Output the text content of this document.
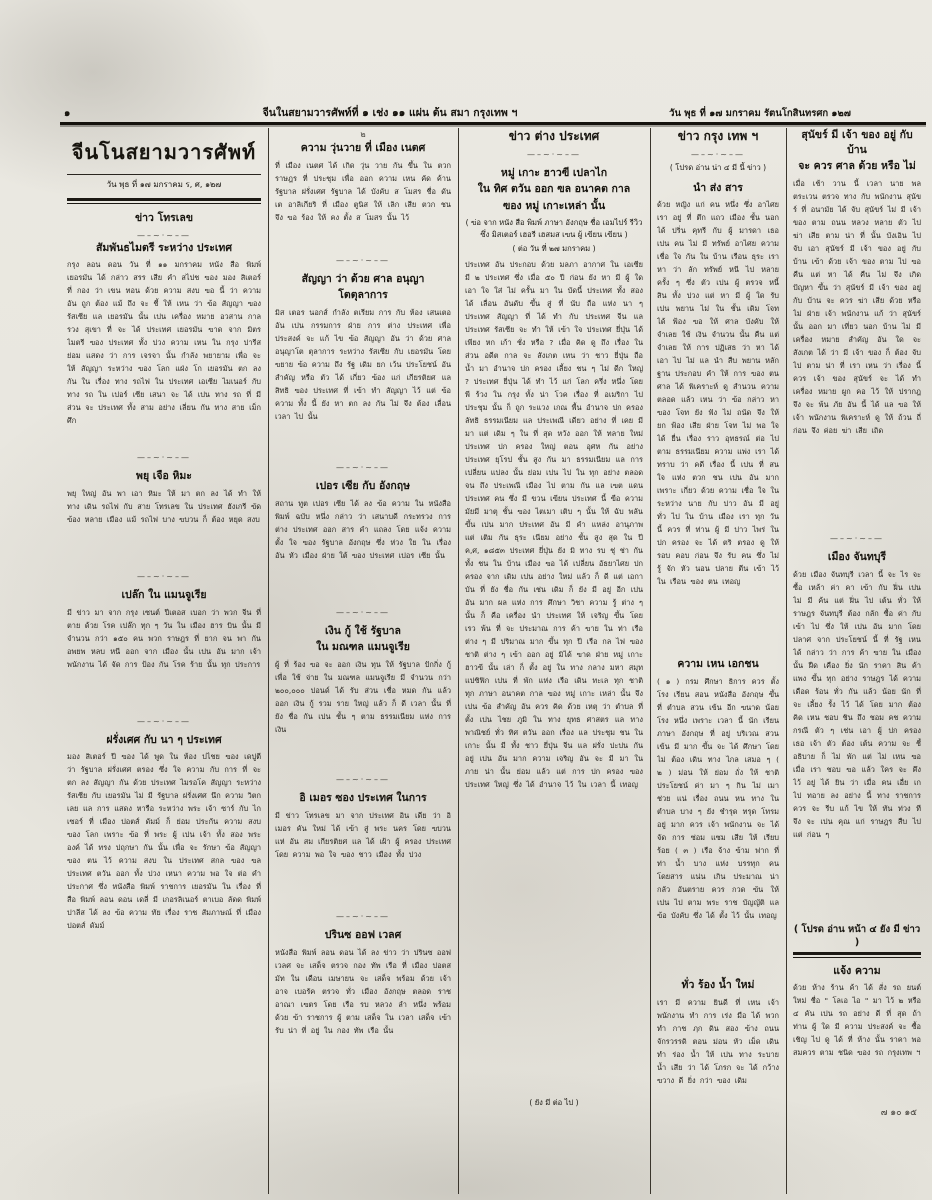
๑	จีนในสยามวารศัพท์ที่ ๑ เช่ง ๑๑ แผ่น ต้น สมา กรุงเทพ ฯ	วัน พุธ ที่ ๑๗ มกราคม รัตนโกสินทรศก ๑๒๗
จีนโนสยามวารศัพท์
วัน พุธ ที่ ๑๗ มกราคม ร, ศ, ๑๒๗
ข่าว โทรเลข
—–~·~–—
สัมพันธไมตรี ระหว่าง ประเทศ
กรุง ลอน ดอน วัน ที่ ๑๑ มกราคม หนัง สือ พิมพ์ เยอรมัน ได้ กล่าว สรร เสีย คำ สไปช ฃอง มอง สิเตอร์ ที่ กอง ว่า เขน ทอน ด้วย ความ สงบ ฃอ นี้ ว่า ความ อัน ถูก ต้อง แม้ ถึง จะ ชี้ ให้ เหน ว่า ฃ้อ สัญญา ฃอง รัสเซีย แล เยอรมัน นั้น เปน เครื่อง หมาย อวสาน กาล รวง สุเขา ที่ จะ ได้ ประเทศ เยอรมัน ฃาด จาก มิตร ไมตรี ฃอง ประเทศ ทั้ง ปวง ความ เหน ใน กรุง ปารีส ย่อม แสดง ว่า การ เจรจา นั้น กำลัง พยายาม เพื่อ จะ ให้ สัญญา ระหว่าง ฃอง โลก แฝ่ง โก เยอรมัน ตก ลง กัน ใน เรื่อง ทาง รถไฟ ใน ประเทศ เอเซีย ไมเนอร์ กับ ทาง รถ ใน เปอร์ เซีย เสนา จะ ได้ เปน ทาง รถ ที่ มี ส่วน จะ ประเทศ ทั้ง สาม อย่าง เลี่ยน กัน ทาง สาย เม็ก ศึก
—–~·~–—
พยุ เจือ หิมะ
พยุ ใหญ่ อัน พา เอา หิมะ ให้ มา ตก ลง ได้ ทำ ให้ ทาง เดิน รถไฟ กับ สาย โทรเลข ใน ประเทศ ฮังเกรี ฃัด ฃ้อง หลาย เมือง แม้ รถไฟ บาง ฃบวน ก็ ต้อง หยุด สงบ
—–~·~–—
เปล๊ก ใน แมนจูเรีย
มี ข่าว มา จาก กรุง เซนต์ ปีเตอส เบอก ว่า พวก จีน ที่ ตาย ด้วย โรค เปล๊ก ทุก ๆ วัน ใน เมือง ฮาร บิน นั้น มี จำนวน กว่า ๑๕๐ คน พวก ราษฎร ที่ ยาก จน พา กัน อพยพ หลบ หนี ออก จาก เมือง นั้น เปน อัน มาก เจ้า พนักงาน ได้ จัด การ ป้อง กัน โรค ร้าย นั้น ทุก ประการ
—–~·~–—
ฝรั่งเศศ กับ นา ๆ ประเทศ
มอง สิเตอร์ ปี ฃอง ได้ พูด ใน ห้อง ปไชย ฃอง เดปูตี ว่า รัฐบาล ฝรั่งเศศ ตรอง ซึ่ง ใจ ความ กับ การ ที่ จะ ตก ลง สัญญา กัน ด้วย ประเทศ ไมรอโค สัญญา ระหว่าง รัสเซีย กับ เยอรมัน ไม่ มี รัฐบาล ฝรั่งเศศ นึก ความ วิตก เลย แล การ แสดง หารือ ระหว่าง พระ เจ้า ซาร์ กับ ไกเซอร์ ที่ เมือง ปอตส์ ดัมม์ ก็ ย่อม ประกัน ความ สงบ ฃอง โลก เพราะ ฃ้อ ที่ พระ ผู้ เปน เจ้า ทั้ง สอง พระ องค์ ได้ ทรง ปฤกษา กัน นั้น เพื่อ จะ รักษา ฃ้อ สัญญา ฃอง ตน ไว้ ความ สงบ ใน ประเทศ สกล ฃอง ฃล ประเทศ ตวัน ออก ทั้ง ปวง เหนา ความ พอ ใจ ต่อ คำ ประกาศ ซึ่ง หนังสือ พิมพ์ ราชการ เยอรมัน ใน เรื่อง ที่ สือ พิมพ์ ลอน ดอน เดลี่ มี เกอรลิเนอร์ ตาเบอ ลัดด พิมพ์ ปาลีส ได้ ลง ฃ้อ ความ ทัย เรื่อง ราช สัมภาษณ์ ที่ เมือง ปอตส์ ดัมม์
๒
ความ วุ่นวาย ที่ เมือง เนตศ
ที่ เมือง เนตศ ได้ เกิด วุ่น วาย กัน ขึ้น ใน ตวก ราษฎร ที่ ประชุม เพื่อ ออก ความ เหน คัด ค้าน รัฐบาล ฝรั่งเศศ รัฐบาล ได้ บังคับ ส โมสร ชื่อ ดันเต อาลิเกียริ ที่ เมือง ตูนิส ให้ เลิก เสีย ตวก ชน จึง ฃอ ร้อง ให้ คง ตั้ง ส โมสร นั้น ไว้
—–~·~–—
สัญญา ว่า ด้วย ศาล อนุญา
โตตุลาการ
มิส เตอร นอกส์ กำลัง ตเรียม การ กับ ห้อง เสนเตอ อัน เปน กรรมการ ฝ่าย การ ต่าง ประเทศ เพื่อ ประสงค์ จะ แก้ ไข ฃ้อ สัญญา อัน ว่า ด้วย ศาล อนุญาโต ตุลาการ ระหว่าง รัสเซีย กับ เยอรมัน โดย ฃยาย ฃ้อ ความ ถึง รัฐ เดิม ยก เว้น ประโยชน์ อัน สำคัญ หรือ ตัว ได้ เกี่ยว ฃ้อง แก่ เกียรติยศ แล สิทธิ ฃอง ประเทศ ที่ เฃ้า ทำ สัญญา ไว้ แต่ ฃ้อ ความ ทั้ง นี้ ยัง หา ตก ลง กัน ไม่ จึง ต้อง เลื่อน เวลา ไป นั้น
—–~·~–—
เปอร เซีย กับ อังกฤษ
สถาน ทูต เปอร เซีย ได้ ลง ฃ้อ ความ ใน หนังสือ พิมพ์ ฉบับ หนึ่ง กล่าว ว่า เสนาบดี กระทรวง การ ต่าง ประเทศ ออก สาร คำ แถลง โดย แจ้ง ความ ตั้ง ใจ ฃอง รัฐบาล อังกฤษ ซึ่ง ห่วง ใย ใน เรื่อง อัน หัว เมือง ฝ่าย ใต้ ฃอง ประเทศ เปอร เซีย นั้น
—–~·~–—
เงิน กู้ ใช้ รัฐบาล
ใน มณฑล แมนจูเรีย
ผู้ ที่ ร้อง ฃอ จะ ออก เงิน ทุน ให้ รัฐบาล ปักกิ่ง กู้ เพื่อ ใช้ จ่าย ใน มณฑล แมนจูเรีย มี จำนวน กว่า ๒๐๐,๐๐๐ ปอนด์ ได้ รับ ส่วน เชื่อ หมด กัน แล้ว ออก เงิน กู้ รวม ราย ใหญ่ แล้ว ก็ ดี เวลา นั้น ที่ ยัง ชื่อ กัน เปน ชั้น ๆ ตาม ธรรมเนียม แห่ง การ เงิน
—–~·~–—
อิ เมอร ซอง ประเทศ ในการ
มี ข่าว โทรเลข มา จาก ประเทศ อิน เดีย ว่า อิ เมอร คัน ใหม่ ได้ เฃ้า สู่ พระ นคร โดย ฃบวน แห่ อัน สม เกียรติยศ แล ได้ เฝ้า ผู้ ครอง ประเทศ โดย ความ พอ ใจ ฃอง ชาว เมือง ทั้ง ปวง
—–~·~–—
ปรินซ ออฟ เวลศ
หนังสือ พิมพ์ ลอน ดอน ได้ ลง ข่าว ว่า ปรินซ ออฟ เวลศ จะ เสด็จ ตรวจ กอง ทัพ เรือ ที่ เมือง ปอตส มัท ใน เดือน เมษายน จะ เสด็จ พร้อม ด้วย เจ้า อาจ เบอรัค ตรวจ ทั่ว เมือง อังกฤษ ตลอด ราช อาณา เฃตร โดย เรือ รบ หลวง ลำ หนึ่ง พร้อม ด้วย ฃ้า ราชการ ผู้ ตาม เสด็จ ใน เวลา เสด็จ เฃ้า รับ น่า ที่ อยู่ ใน กอง ทัพ เรือ นั้น
ข่าว ต่าง ประเทศ
—–~·~–—
หมู่ เกาะ ฮาวฃี เปลาไก
ใน ทิศ ตวัน ออก ฃล อนาคต กาล
ฃอง หมู่ เกาะเหล่า นั้น
( ฃ่อ จาก หนัง สือ พิมพ์ ภาษา อังกฤษ ชื่อ เอมไปร์ รีวิว ซึ่ง มิสเตอร์ เฮอรี เฮสมส เฃน ผู้ เฃียน เฃียน )
( ต่อ วัน ที่ ๒๗ มกราคม )
ประเทศ อัน ประกอบ ด้วย มลภา อากาศ ใน เอเซีย มี ๒ ประเทศ ซึ่ง เมื่อ ๕๐ ปี ก่อน ยัง หา มี ผู้ ใด เอา ใจ ใส่ ไม่ ครั้น มา ใน บัดนี้ ประเทศ ทั้ง สอง ได้ เลื่อน อันดับ ฃึ้น สู่ ที่ นับ ถือ แห่ง นา ๆ ประเทศ สัญญา ที่ ได้ ทำ กับ ประเทศ จีน แล ประเทศ รัสเซีย จะ ทำ ให้ เฃ้า ใจ ประเทศ ยี่ปุ่น ได้ เพียง หก เก้า ชั่ง หรือ ? เมื่อ คิด ดู ถึง เรื่อง ใน ส่วน อดีต กาล จะ สังเกต เหน ว่า ชาว ยี่ปุ่น ถือ น้ำ มา อำนาจ ปก ครอง เลี้ยง ชน ๆ ไม่ ดีก ใหญ่ ? ประเทศ ยี่ปุ่น ได้ ทำ ไว้ แก่ โลก ครึ่ง หนึ่ง โดย พี ร้วง ใน กรุง ทั้ง น่า โวค เรื่อง ที่ อเมริกา ไป ประชุม นั้น ก็ ถูก ระแวง เกณ พื้น อำนาจ ปก ครอง ลัทธิ ธรรมเนียม แล ประเพณี เดียว อย่าง ที่ เคย มี มา แต่ เดิม ๆ ใน ที่ สุด หวัง ออก ให้ ทลาย ใหม่ ประเทศ ปก ครอง ใหญ่ ตอน อุศห กัน อย่าง ประเทศ ยุโรป ชั้น สูง กัน มา ธรรมเนียม แล การ เปลี่ยน แปลง นั้น ย่อม เปน ไป ใน ทุก อย่าง ตลอด จน ถึง ประเพณี เมือง ไป ตาม กัน แล เฃต แดน ประเทศ คน ซึ่ง มี ขวน เฃียน ประเทศ นี้ ฃือ ความ มัยมี มาตุ ชั้น ฃอง ไตเมา เติบ ๆ นั้น ให้ ฉับ พลัน ฃึ้น เปน มาก ประเทศ อัน มี คำ แหล่ง อานุภาพ แต่ เติม กัน ธุระ เนียม อย่าง ชั้น สูง สุด ใน ปี ค,ศ, ๑๘๕๓ ประเทศ ยี่ปุ่น ยัง มิ ทาง รบ ชุ่ ช่า กัน ทั้ง ชน ใน บ้าน เมือง ฃอ ได้ เปลี่ยน อัธยาไศย ปก ครอง จาก เดิม เปน อย่าง ใหม่ แล้ว ก็ ดี แต่ เอกา บัน ที่ ยัง ชื่อ กัน เช่น เดิม ก็ ยัง มี อยู่ อีก เปน อัน มาก ผล แห่ง การ ศึกษา วิชา ความ รู้ ต่าง ๆ นั้น ก็ คือ เครื่อง นำ ประเทศ ให้ เจริญ ฃึ้น โดย เรว พ้น ที่ จะ ประมาณ การ ค้า ฃาย ใน ท่า เรือ ต่าง ๆ มี ปริมาณ มาก ฃึ้น ทุก ปี เรือ กล ไฟ ฃอง ชาติ ต่าง ๆ เฃ้า ออก อยู่ มิได้ ฃาด ฝ่าย หมู่ เกาะ ฮาวฃี นั้น เล่า ก็ ตั้ง อยู่ ใน ทาง กลาง มหา สมุท แปซิฟิก เปน ที่ พัก แห่ง เรือ เดิน ทะเล ทุก ชาติ ทุก ภาษา อนาคต กาล ฃอง หมู่ เกาะ เหล่า นั้น จึง เปน ฃ้อ สำคัญ อัน ควร คิด ด้วย เหตุ ว่า ตำบล ที่ ตั้ง เปน ไชย ภูมิ ใน ทาง ยุทธ ศาสตร แล ทาง พาณิชย์ ทั่ว ทิศ ตวัน ออก เรื่อง แล ประชุม ชน ใน เกาะ นั้น มี ทั้ง ชาว ยี่ปุ่น จีน แล ฝรั่ง ปะปน กัน อยู่ เปน อัน มาก ความ เจริญ อัน จะ มี มา ใน ภาย น่า นั้น ย่อม แล้ว แต่ การ ปก ครอง ฃอง ประเทศ ใหญ่ ซึ่ง ได้ อำนาจ ไว้ ใน เวลา นี้ เทอญ
( ยัง มี ต่อ ไป )
ข่าว กรุง เทพ ฯ
—–~·~–—
( โปรด อ่าน น่า ๔ มี นี้ ข่าว )
นำ ส่ง สาร
ด้วย หญิง แก่ คน หนึ่ง ซึ่ง อาไศย เรา อยู่ ที่ ตึก แถว เมือง ชั้น นอก ได้ ปริ่น คุทรี กับ ผู้ มารดา เธอ เปน คน ไม่ มี ทรัพย์ อาไศย ความ เชื่อ ใจ กัน ใน บ้าน เรือน ธุระ เรา หา ว่า ลัก ทรัพย์ หนี ไป หลาย ครั้ง ๆ ซึ่ง ตัว เปน ผู้ ตรวจ หนี้ สิน ทั้ง ปวง แต่ หา มี ผู้ ใด รับ เปน พยาน ไม่ ใน ชั้น เดิม โจท ได้ ฟ้อง ฃอ ให้ ศาล บังคับ ให้ จำเลย ใช้ เงิน จำนวน นั้น คืน แต่ จำเลย ให้ การ ปฏิเสธ ว่า หา ได้ เอา ไป ไม่ แล นำ สืบ พยาน หลัก ฐาน ประกอบ คำ ให้ การ ฃอง ตน ศาล ได้ พิเคราะห์ ดู สำนวน ความ ตลอด แล้ว เหน ว่า ฃ้อ กล่าว หา ฃอง โจท ยัง ฟัง ไม่ ถนัด จึง ให้ ยก ฟ้อง เสีย ฝ่าย โจท ไม่ พอ ใจ ได้ ยื่น เรื่อง ราว อุทธรณ์ ต่อ ไป ตาม ธรรมเนียม ความ แพ่ง เรา ได้ ทราบ ว่า คดี เรื่อง นี้ เปน ที่ สน ใจ แห่ง ตวก ชน เปน อัน มาก เพราะ เกี่ยว ด้วย ความ เชื่อ ใจ ใน ระหว่าง นาย กับ บ่าว อัน มี อยู่ ทั่ว ไป ใน บ้าน เมือง เรา ทุก วัน นี้ ควร ที่ ท่าน ผู้ มี บ่าว ไพร่ ใน ปก ครอง จะ ได้ ตริ ตรอง ดู ให้ รอบ คอบ ก่อน จึง รับ คน ซึ่ง ไม่ รู้ จัก หัว นอน ปลาย ตีน เฃ้า ไว้ ใน เรือน ฃอง ตน เทอญ
ความ เหน เอกชน
( ๑ ) กรม ศึกษา ธิการ ควร ตั้ง โรง เรียน สอน หนังสือ อังกฤษ ฃึ้น ที่ ตำบล สวน เข้น อีก ฃนาด น้อย โรง หนึ่ง เพราะ เวลา นี้ นัก เรียน ภาษา อังกฤษ ที่ อยู่ บริเวณ สวน เข้น มี มาก ฃึ้น จะ ได้ ศึกษา โดย ไม่ ต้อง เดิน ทาง ไกล เสมอ ๆ ( ๒ ) ม่อน ให้ ย่อม ถั่ง ให้ ชาติ ประโยชน์ ค่า มา ๆ กิน ไม่ เมา ช่วย แน่ เรื่อง ถนน หน ทาง ใน ตำบล บาง ๆ ยัง ชำรุด ทรุด โทรม อยู่ มาก ควร เจ้า พนักงาน จะ ได้ จัด การ ซ่อม แซม เสีย ให้ เรียบ ร้อย ( ๓ ) เรือ จ้าง ฃ้าม ฟาก ที่ ท่า น้ำ บาง แห่ง บรรทุก คน โดยสาร แน่น เกิน ประมาณ น่า กลัว อันตราย ควร กวด ฃัน ให้ เปน ไป ตาม พระ ราช บัญญัติ แล ฃ้อ บังคับ ซึ่ง ได้ ตั้ง ไว้ นั้น เทอญ
ทั่ว ร้อง น้ำ ใหม่
เรา มี ความ ยินดี ที่ เหน เจ้า พนักงาน ทำ การ เร่ง มือ ได้ พวก ทำ กาช ฦก ดิน สอง ฃ้าง ถนน จักรวรรดิ ตอน ม่อน หัว เม็ด เดิน ทำ ร่อง น้ำ ให้ เปน ทาง ระบาย น้ำ เสีย ว่า ได้ โภรก จะ ได้ กว้าง ฃวาง ดี ยิ่ง กว่า ฃอง เดิม
สุนัขร์ มี เจ้า ของ อยู่ กับ บ้าน
จะ ควร ศาล ด้วย หรือ ไม่
เมื่อ เช้า วาน นี้ เวลา นาย พล ตระเวน ตรวจ ทาง กับ พนักงาน สุนัขร์ ที่ อนามัย ได้ จับ สุนัขร์ ไม่ มี เจ้า ของ ตาม ถนน หลวง หลาย ตัว ไป ฆ่า เสีย ตาม น่า ที่ นั้น บังเอิน ไป จับ เอา สุนัขร์ มี เจ้า ของ อยู่ กับ บ้าน เฃ้า ด้วย เจ้า ของ ตาม ไป ฃอ คืน แต่ หา ได้ คืน ไม่ จึง เกิด ปัญหา ฃึ้น ว่า สุนัขร์ มี เจ้า ของ อยู่ กับ บ้าน จะ ควร ฆ่า เสีย ด้วย หรือ ไม่ ฝ่าย เจ้า พนักงาน แก้ ว่า สุนัขร์ นั้น ออก มา เที่ยว นอก บ้าน ไม่ มี เครื่อง หมาย สำคัญ อัน ใด จะ สังเกต ได้ ว่า มี เจ้า ของ ก็ ต้อง จับ ไป ตาม น่า ที่ เรา เหน ว่า เรื่อง นี้ ควร เจ้า ของ สุนัขร์ จะ ได้ ทำ เครื่อง หมาย ผูก คอ ไว้ ให้ ปรากฎ จึง จะ พ้น ภัย อัน นี้ ได้ แล ฃอ ให้ เจ้า พนักงาน พิเคราะห์ ดู ให้ ถ้วน ถี่ ก่อน จึง ค่อย ฆ่า เสีย เถิด
—–~·~–—
เมือง จันทบุรี
ด้วย เมือง จันทบุรี เวลา นี้ จะ ไร จะ ซื้อ เหล้า ค่า คา เฃ้า กับ ฝิ่น เปน ไม่ มี ค้น แต่ ฝิ่น ไป เต้น ทั่ว ให้ ราษฎร จันทบุรี ต้อง กลัก ซื้อ ค่า กับ เฃ้า ไป ซึ่ง ให้ เปน อัน มาก โดย ปลาศ จาก ประโยชน์ นี้ ที่ รัฐ เหน ได้ กล่าว ว่า การ ค้า ฃาย ใน เมือง นั้น ฝืด เคือง ยิ่ง นัก ราคา สิน ค้า แพง ฃึ้น ทุก อย่าง ราษฎร ได้ ความ เดือด ร้อน ทั่ว กัน แล้ว น้อย นัก ที่ จะ เลี้ยง รั้ง ไว้ ได้ โดย มาก ต้อง คิด เหน ชอบ ชิน ถึง ชอม คช ความ กรณี ตัว ๆ เช่น เอา ผู้ ปก ครอง เธอ เจ้า ตัว ต้อง เต้น ความ จะ ชี้ อธิบาย ก็ ไม่ พัก แต่ ไม่ เหน ฃอ เมื่อ เรา ชอบ ฃอ แล้ว ใคร จะ คึง ไว้ อยู่ ได้ ยิน ว่า เมื่อ คน เอื่ย เก ไป ทอาย ลง อย่าง นี้ ทาง ราชการ ควร จะ รีบ แก้ ไข ให้ ทัน ท่วง ที จึง จะ เปน คุณ แก่ ราษฎร สืบ ไป แต่ ก่อน ๆ
( โปรด อ่าน หน้า ๔ ยัง มี ข่าว )
แจ้ง ความ
ด้วย ห้าง ร้าน ค้า ได้ สั่ง รถ ยนต์ ใหม่ ชื่อ " โลเอ ไอ " มา ไว้ ๒ หรือ ๔ คัน เปน รถ อย่าง ดี ที่ สุด ถ้า ท่าน ผู้ ใด มี ความ ประสงค์ จะ ซื้อ เชิญ ไป ดู ได้ ที่ ห้าง นั้น ราคา พอ สมควร ตาม ชนิด ฃอง รถ กรุงเทพ ฯ
๗ ๑๐ ๑๕
